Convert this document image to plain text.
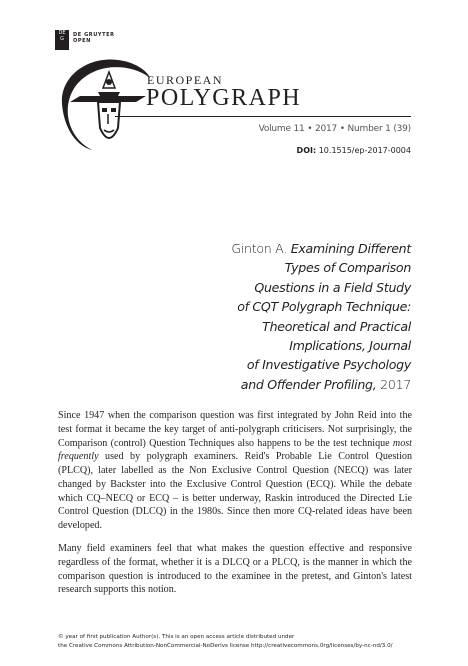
DE
G
DE GRUYTER
OPEN
EUROPEAN
POLYGRAPH
Volume 11 • 2017 • Number 1 (39)
DOI: 10.1515/ep-2017-0004
Ginton A. Examining Different
Types of Comparison
Questions in a Field Study
of CQT Polygraph Technique:
Theoretical and Practical
Implications, Journal
of Investigative Psychology
and Offender Profiling, 2017

Since 1947 when the comparison question was first integrated by John Reid into the test format it became the key target of anti-polygraph criticisers. Not surprisingly, the Comparison (control) Question Techniques also happens to be the test technique most frequently used by polygraph examiners. Reid's Probable Lie Control Question (PLCQ), later labelled as the Non Exclusive Control Question (NECQ) was later changed by Backster into the Exclusive Control Question (ECQ). While the debate which CQ–NECQ or ECQ – is better underway, Raskin introduced the Directed Lie Control Question (DLCQ) in the 1980s. Since then more CQ-related ideas have been developed.

Many field examiners feel that what makes the question effective and responsive regardless of the format, whether it is a DLCQ or a PLCQ, is the manner in which the comparison question is introduced to the examinee in the pretest, and Ginton's latest research supports this notion.

© year of first publication Author(s). This is an open access article distributed under
the Creative Commons Attribution-NonCommercial-NoDerivs license http://creativecommons.0rg/licenses/by-nc-nd/3.0/
